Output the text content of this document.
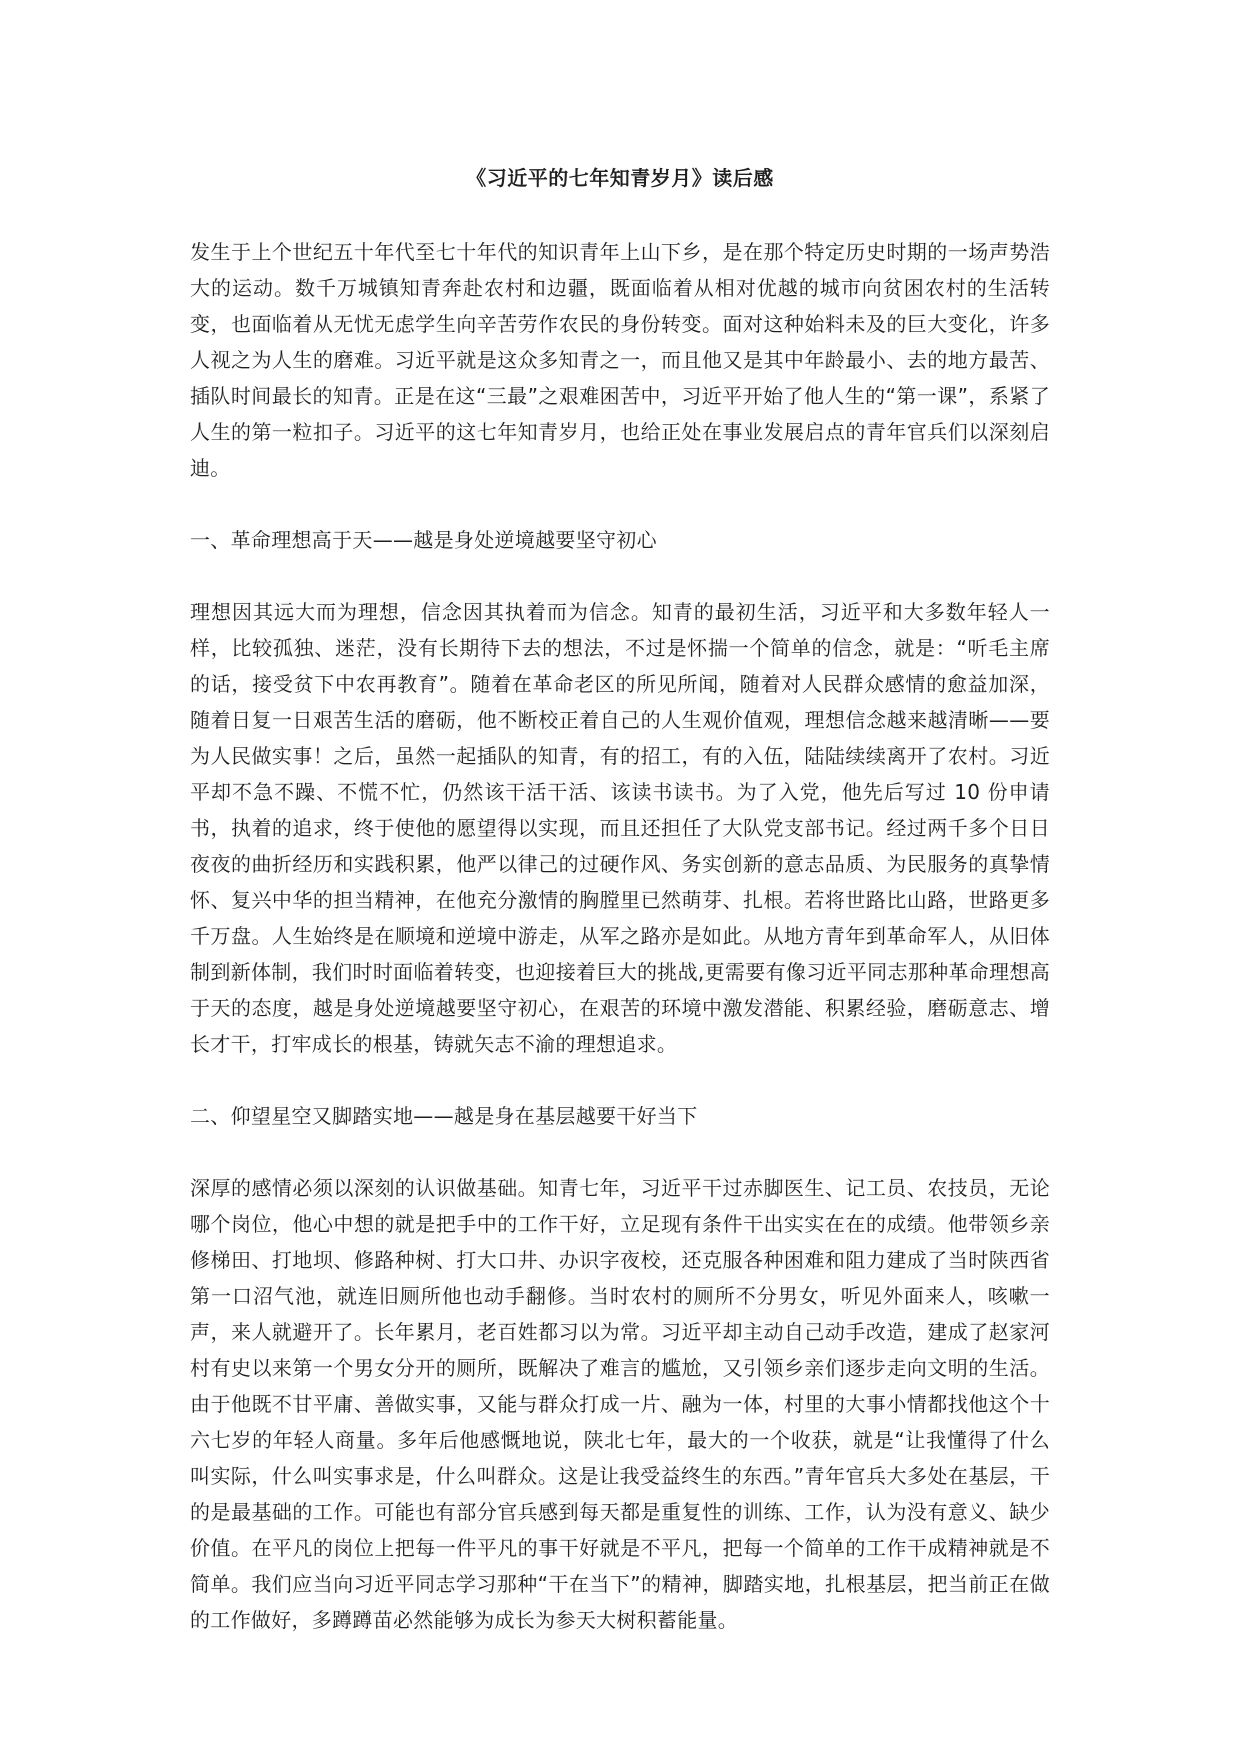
《习近平的七年知青岁月》读后感

发生于上个世纪五十年代至七十年代的知识青年上山下乡，是在那个特定历史时期的一场声势浩大的运动。数千万城镇知青奔赴农村和边疆，既面临着从相对优越的城市向贫困农村的生活转变，也面临着从无忧无虑学生向辛苦劳作农民的身份转变。面对这种始料未及的巨大变化，许多人视之为人生的磨难。习近平就是这众多知青之一，而且他又是其中年龄最小、去的地方最苦、插队时间最长的知青。正是在这“三最”之艰难困苦中，习近平开始了他人生的“第一课”，系紧了人生的第一粒扣子。习近平的这七年知青岁月，也给正处在事业发展启点的青年官兵们以深刻启迪。

一、革命理想高于天——越是身处逆境越要坚守初心

理想因其远大而为理想，信念因其执着而为信念。知青的最初生活，习近平和大多数年轻人一样，比较孤独、迷茫，没有长期待下去的想法，不过是怀揣一个简单的信念，就是：“听毛主席的话，接受贫下中农再教育”。随着在革命老区的所见所闻，随着对人民群众感情的愈益加深，随着日复一日艰苦生活的磨砺，他不断校正着自己的人生观价值观，理想信念越来越清晰——要为人民做实事！之后，虽然一起插队的知青，有的招工，有的入伍，陆陆续续离开了农村。习近平却不急不躁、不慌不忙，仍然该干活干活、该读书读书。为了入党，他先后写过 10 份申请书，执着的追求，终于使他的愿望得以实现，而且还担任了大队党支部书记。经过两千多个日日夜夜的曲折经历和实践积累，他严以律己的过硬作风、务实创新的意志品质、为民服务的真挚情怀、复兴中华的担当精神，在他充分激情的胸膛里已然萌芽、扎根。若将世路比山路，世路更多千万盘。人生始终是在顺境和逆境中游走，从军之路亦是如此。从地方青年到革命军人，从旧体制到新体制，我们时时面临着转变，也迎接着巨大的挑战,更需要有像习近平同志那种革命理想高于天的态度，越是身处逆境越要坚守初心，在艰苦的环境中激发潜能、积累经验，磨砺意志、增长才干，打牢成长的根基，铸就矢志不渝的理想追求。

二、仰望星空又脚踏实地——越是身在基层越要干好当下

深厚的感情必须以深刻的认识做基础。知青七年，习近平干过赤脚医生、记工员、农技员，无论哪个岗位，他心中想的就是把手中的工作干好，立足现有条件干出实实在在的成绩。他带领乡亲修梯田、打地坝、修路种树、打大口井、办识字夜校，还克服各种困难和阻力建成了当时陕西省第一口沼气池，就连旧厕所他也动手翻修。当时农村的厕所不分男女，听见外面来人，咳嗽一声，来人就避开了。长年累月，老百姓都习以为常。习近平却主动自己动手改造，建成了赵家河村有史以来第一个男女分开的厕所，既解决了难言的尴尬，又引领乡亲们逐步走向文明的生活。由于他既不甘平庸、善做实事，又能与群众打成一片、融为一体，村里的大事小情都找他这个十六七岁的年轻人商量。多年后他感慨地说，陕北七年，最大的一个收获，就是“让我懂得了什么叫实际，什么叫实事求是，什么叫群众。这是让我受益终生的东西。”青年官兵大多处在基层，干的是最基础的工作。可能也有部分官兵感到每天都是重复性的训练、工作，认为没有意义、缺少价值。在平凡的岗位上把每一件平凡的事干好就是不平凡，把每一个简单的工作干成精神就是不简单。我们应当向习近平同志学习那种“干在当下”的精神，脚踏实地，扎根基层，把当前正在做的工作做好，多蹲蹲苗必然能够为成长为参天大树积蓄能量。
